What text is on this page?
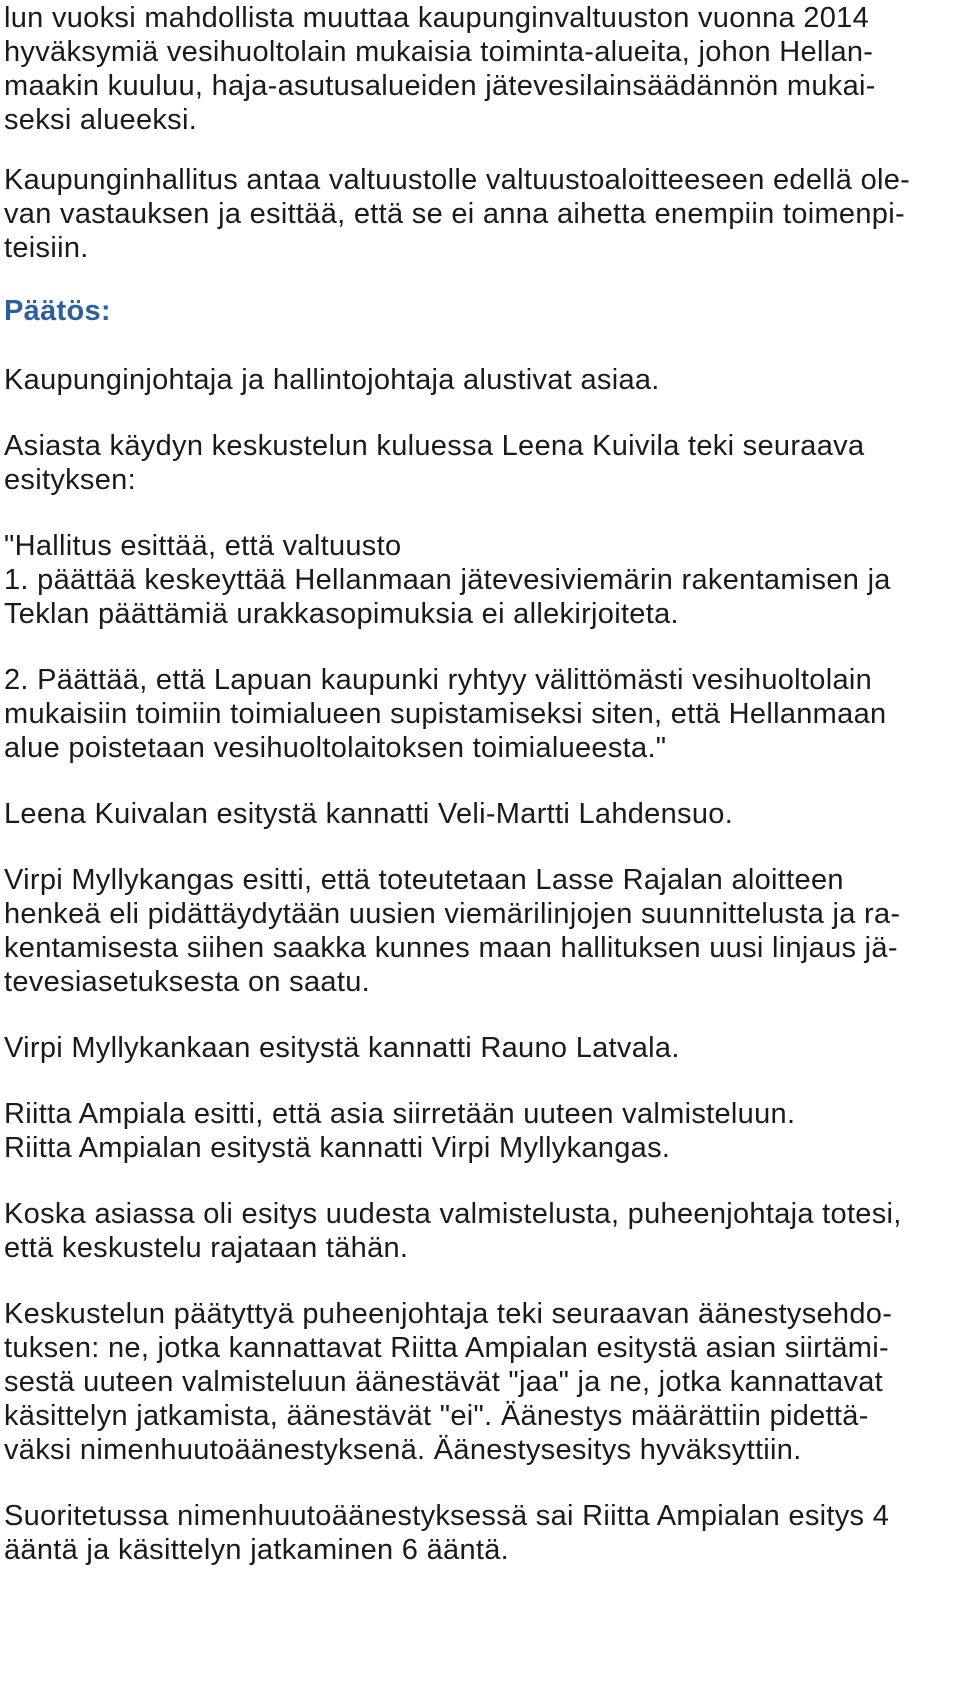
lun vuoksi mahdollista muuttaa kaupunginvaltuuston vuonna 2014
hyväksymiä vesihuoltolain mukaisia toiminta-alueita, johon Hellan-
maakin kuuluu, haja-asutusalueiden jätevesilainsäädännön mukai-
seksi alueeksi.
Kaupunginhallitus antaa valtuustolle valtuustoaloitteeseen edellä ole-
van vastauksen ja esittää, että se ei anna aihetta enempiin toimenpi-
teisiin.
Päätös:
Kaupunginjohtaja ja hallintojohtaja alustivat asiaa.
Asiasta käydyn keskustelun kuluessa Leena Kuivila teki seuraava
esityksen:
"Hallitus esittää, että valtuusto
1. päättää keskeyttää Hellanmaan jätevesiviemärin rakentamisen ja
Teklan päättämiä urakkasopimuksia ei allekirjoiteta.
2. Päättää, että Lapuan kaupunki ryhtyy välittömästi vesihuoltolain
mukaisiin toimiin toimialueen supistamiseksi siten, että Hellanmaan
alue poistetaan vesihuoltolaitoksen toimialueesta."
Leena Kuivalan esitystä kannatti Veli-Martti Lahdensuo.
Virpi Myllykangas esitti, että toteutetaan Lasse Rajalan aloitteen
henkeä eli pidättäydytään uusien viemärilinjojen suunnittelusta ja ra-
kentamisesta siihen saakka kunnes maan hallituksen uusi linjaus jä-
tevesiasetuksesta on saatu.
Virpi Myllykankaan esitystä kannatti Rauno Latvala.
Riitta Ampiala esitti, että asia siirretään uuteen valmisteluun.
Riitta Ampialan esitystä kannatti Virpi Myllykangas.
Koska asiassa oli esitys uudesta valmistelusta, puheenjohtaja totesi,
että keskustelu rajataan tähän.
Keskustelun päätyttyä puheenjohtaja teki seuraavan äänestysehdo-
tuksen: ne, jotka kannattavat Riitta Ampialan esitystä asian siirtämi-
sestä uuteen valmisteluun äänestävät "jaa" ja ne, jotka kannattavat
käsittelyn jatkamista, äänestävät "ei". Äänestys määrättiin pidettä-
väksi nimenhuutoäänestyksenä. Äänestysesitys hyväksyttiin.
Suoritetussa nimenhuutoäänestyksessä sai Riitta Ampialan esitys 4
ääntä ja käsittelyn jatkaminen 6 ääntä.
